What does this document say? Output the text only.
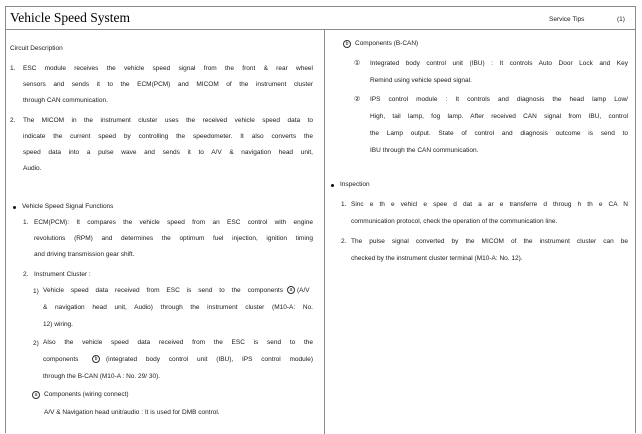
Vehicle Speed System	Service Tips	(1)
Circuit Description
1. ESC module receives the vehicle speed signal from the front & rear wheel
sensors and sends it to the ECM(PCM) and MICOM of the instrument cluster
through CAN communication.
2. The MICOM in the instrument cluster uses the received vehicle speed data to
indicate the current speed by controlling the speedometer. It also converts the
speed data into a pulse wave and sends it to A/V & navigation head unit,
Audio.
Vehicle Speed Signal Functions
1. ECM(PCM): It compares the vehicle speed from an ESC control with engine
revolutions (RPM) and determines the optimum fuel injection, ignition timing
and driving transmission gear shift.
2. Instrument Cluster :
1) Vehicle speed data received from ESC is send to the components	a (A/V
& navigation head unit, Audio) through the instrument cluster (M10-A: No.
12) wiring.
2) Also the vehicle speed data received from the ESC is send to the
components	b	(integrated body control unit (IBU), IPS control module)
through the B-CAN (M10-A : No. 29/ 30).
a	Components (wiring connect)
A/V & Navigation head unit/audio : It is used for DMB control.
b	Components (B-CAN)
① Integrated body control unit (IBU) : It controls Auto Door Lock and Key
Remind using vehicle speed signal.
② IPS control module : It controls and diagnosis the head lamp Low/
High, tail lamp, fog lamp. After received CAN signal from IBU, control
the Lamp output. State of control and diagnosis outcome is send to
IBU through the CAN communication.
Inspection
1. Sinc e th e vehicl e spee d dat a ar e transferre d throug h th e CA N
communication protocol, check the operation of the communication line.
2. The pulse signal converted by the MICOM of the instrument cluster can be
checked by the instrument cluster terminal (M10-A: No. 12).
